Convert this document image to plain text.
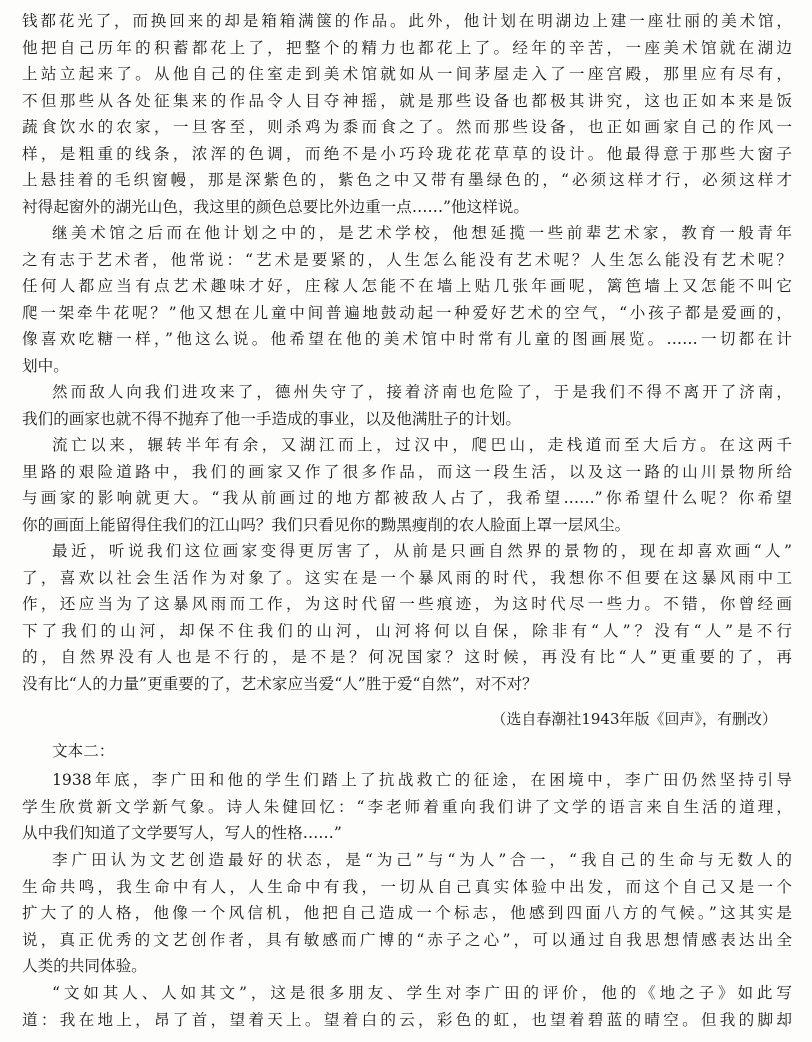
钱都花光了，而换回来的却是箱箱满箧的作品。此外，他计划在明湖边上建一座壮丽的美术馆，
他把自己历年的积蓄都花上了，把整个的精力也都花上了。经年的辛苦，一座美术馆就在湖边
上站立起来了。从他自己的住室走到美术馆就如从一间茅屋走入了一座宫殿，那里应有尽有，
不但那些从各处征集来的作品令人目夺神摇，就是那些设备也都极其讲究，这也正如本来是饭
蔬食饮水的农家，一旦客至，则杀鸡为黍而食之了。然而那些设备，也正如画家自己的作风一
样，是粗重的线条，浓浑的色调，而绝不是小巧玲珑花花草草的设计。他最得意于那些大窗子
上悬挂着的毛织窗幔，那是深紫色的，紫色之中又带有墨绿色的，“必须这样才行，必须这样才
衬得起窗外的湖光山色，我这里的颜色总要比外边重一点……”他这样说。
继美术馆之后而在他计划之中的，是艺术学校，他想延揽一些前辈艺术家，教育一般青年
之有志于艺术者，他常说：“艺术是要紧的，人生怎么能没有艺术呢？人生怎么能没有艺术呢？
任何人都应当有点艺术趣味才好，庄稼人怎能不在墙上贴几张年画呢，篱笆墙上又怎能不叫它
爬一架牵牛花呢？”他又想在儿童中间普遍地鼓动起一种爱好艺术的空气，“小孩子都是爱画的，
像喜欢吃糖一样，”他这么说。他希望在他的美术馆中时常有儿童的图画展览。……一切都在计
划中。
然而敌人向我们进攻来了，德州失守了，接着济南也危险了，于是我们不得不离开了济南，
我们的画家也就不得不抛弃了他一手造成的事业，以及他满肚子的计划。
流亡以来，辗转半年有余，又湖江而上，过汉中，爬巴山，走栈道而至大后方。在这两千
里路的艰险道路中，我们的画家又作了很多作品，而这一段生活，以及这一路的山川景物所给
与画家的影响就更大。“我从前画过的地方都被敌人占了，我希望……”你希望什么呢？你希望
你的画面上能留得住我们的江山吗？我们只看见你的黝黑瘦削的农人脸面上罩一层风尘。
最近，听说我们这位画家变得更厉害了，从前是只画自然界的景物的，现在却喜欢画“人”
了，喜欢以社会生活作为对象了。这实在是一个暴风雨的时代，我想你不但要在这暴风雨中工
作，还应当为了这暴风雨而工作，为这时代留一些痕迹，为这时代尽一些力。不错，你曾经画
下了我们的山河，却保不住我们的山河，山河将何以自保，除非有“人”？没有“人”是不行
的，自然界没有人也是不行的，是不是？何况国家？这时候，再没有比“人”更重要的了，再
没有比“人的力量”更重要的了，艺术家应当爱“人”胜于爱“自然”，对不对？
（选自春潮社1943年版《回声》，有删改）
文本二：
1938年底，李广田和他的学生们踏上了抗战救亡的征途，在困境中，李广田仍然坚持引导
学生欣赏新文学新气象。诗人朱健回忆：“李老师着重向我们讲了文学的语言来自生活的道理，
从中我们知道了文学要写人，写人的性格……”
李广田认为文艺创造最好的状态，是“为己”与“为人”合一，“我自己的生命与无数人的
生命共鸣，我生命中有人，人生命中有我，一切从自己真实体验中出发，而这个自己又是一个
扩大了的人格，他像一个风信机，他把自己造成一个标志，他感到四面八方的气候。”这其实是
说，真正优秀的文艺创作者，具有敏感而广博的“赤子之心”，可以通过自我思想情感表达出全
人类的共同体验。
“文如其人、人如其文”，这是很多朋友、学生对李广田的评价，他的《地之子》如此写
道：我在地上，昂了首，望着天上。望着白的云，彩色的虹，也望着碧蓝的晴空。但我的脚却
